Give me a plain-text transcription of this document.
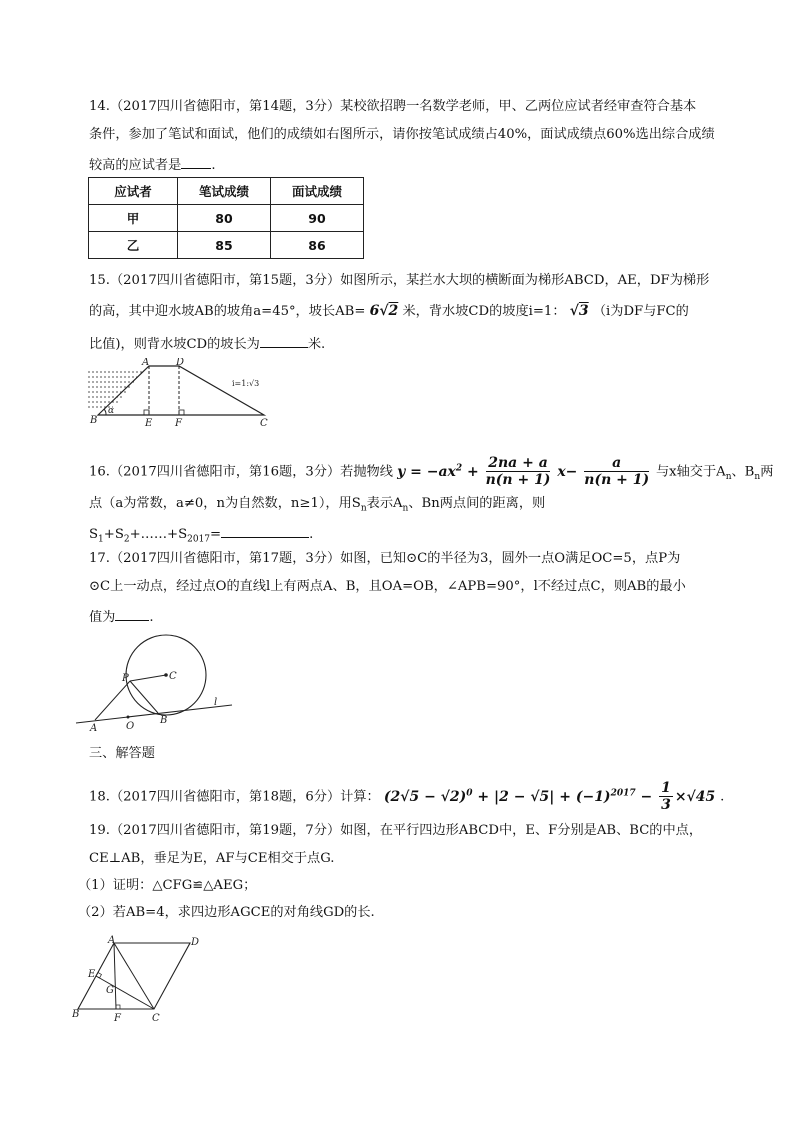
14.（2017四川省德阳市，第14题，3分）某校欲招聘一名数学老师，甲、乙两位应试者经审查符合基本
条件，参加了笔试和面试，他们的成绩如右图所示，请你按笔试成绩占40%，面试成绩点60%选出综合成绩
较高的应试者是 .
应试者	笔试成绩	面试成绩
甲	80	90
乙	85	86
15.（2017四川省德阳市，第15题，3分）如图所示，某拦水大坝的横断面为梯形ABCD，AE，DF为梯形
的高，其中迎水坡AB的坡角a=45°，坡长AB= 6√2 米，背水坡CD的坡度i=1： √3 （i为DF与FC的
比值)，则背水坡CD的坡长为	米.
A	D
B	E F	C
α
i=1:√3
16.（2017四川省德阳市，第16题，3分）若抛物线 $y = -ax^2 + \frac{2na + a}{n(n + 1)} x- \frac{a}{n(n + 1)}$ 与x轴交于$A_n$、$B_n$两
点（a为常数，a≠0，n为自然数，n≥1），用$S_n$表示$A_n$、Bn两点间的距离，则
$S_1+S_2+\dots\dots+S_{2017}=$	.
17.（2017四川省德阳市，第17题，3分）如图，已知⊙C的半径为3，圆外一点O满足OC=5，点P为
⊙C上一动点，经过点O的直线l上有两点A、B，且OA=OB，∠APB=90°，l不经过点C，则AB的最小
值为	.
P	C
A	O
B
l
三、解答题
18.（2017四川省德阳市，第18题，6分）计算： $(2√5 - √2)^0 + |2 - √5| + (-1)^{2017} - \frac{1}{3} \times√45$ .
19.（2017四川省德阳市，第19题，7分）如图，在平行四边形ABCD中，E、F分别是AB、BC的中点，
CE⊥AB，垂足为E，AF与CE相交于点G.
（1）证明：△CFG≌△AEG；
（2）若AB=4，求四边形AGCE的对角线GD的长.
A	D
E
G
B	F	C
